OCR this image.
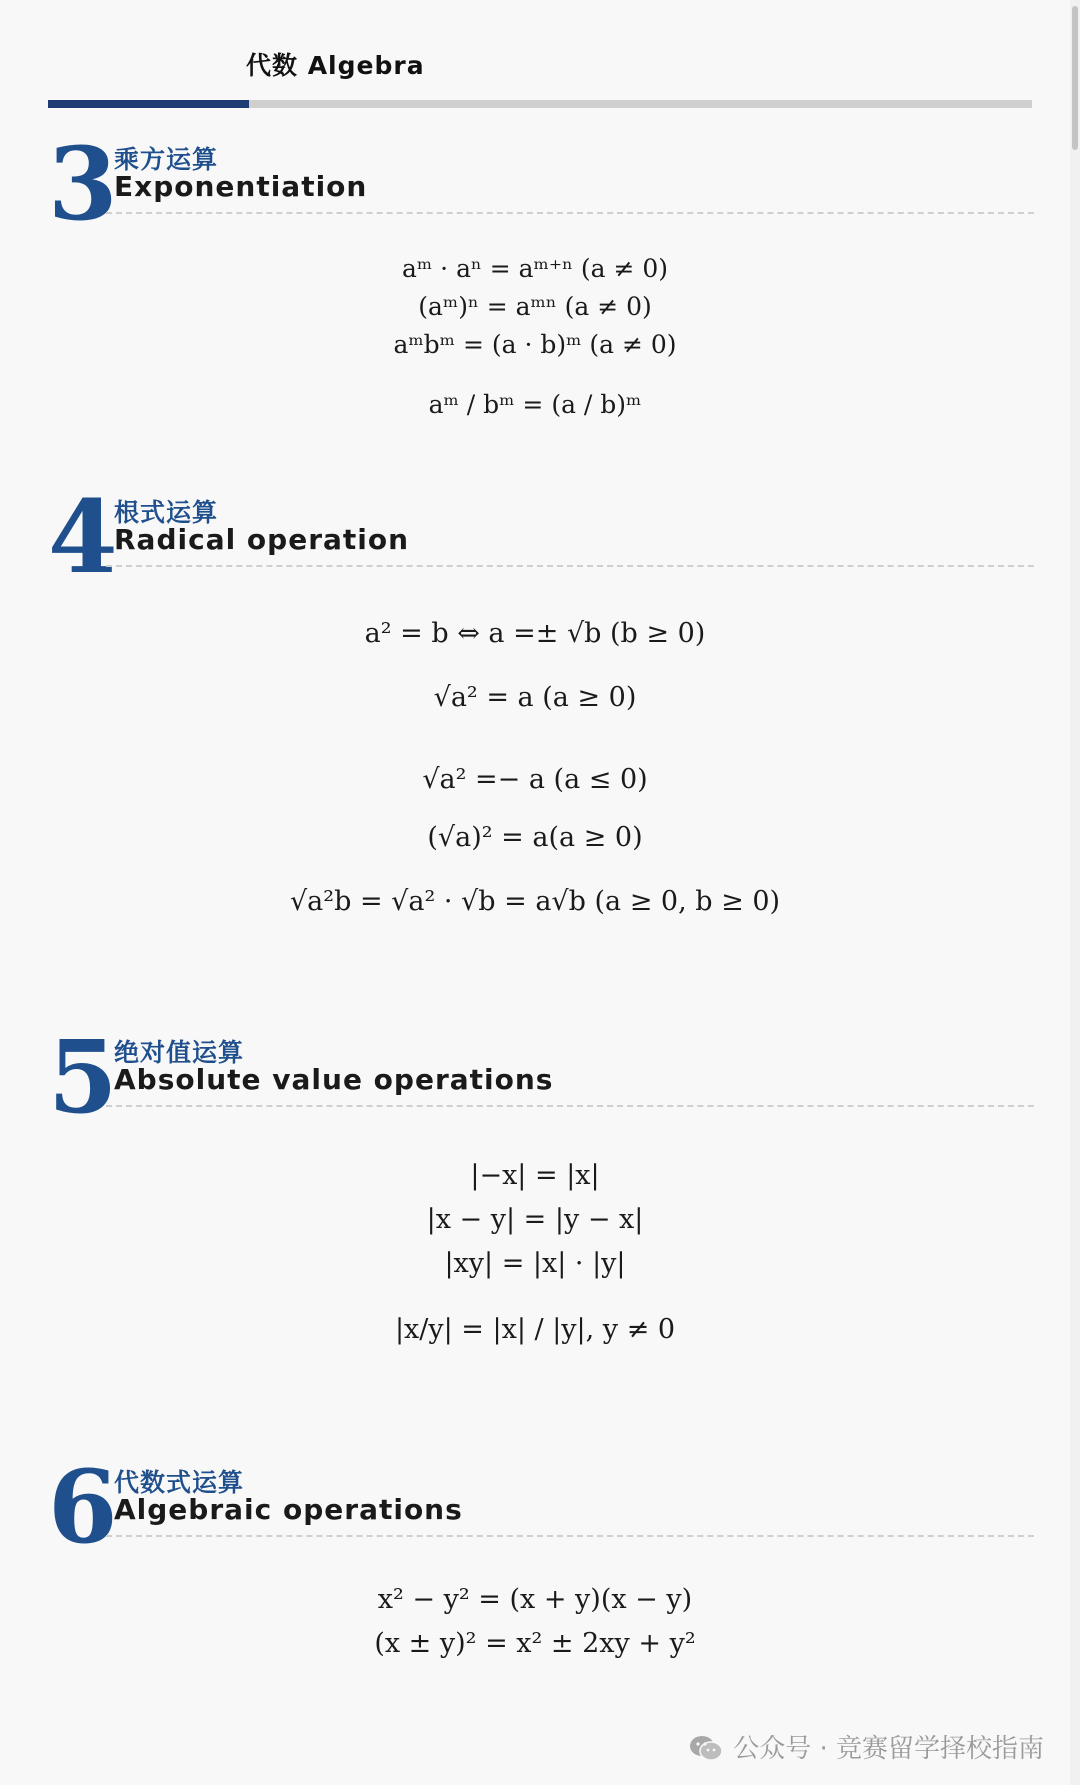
代数 Algebra
3
乘方运算
Exponentiation
aᵐ · aⁿ = aᵐ⁺ⁿ (a ≠ 0)
(aᵐ)ⁿ = aᵐⁿ (a ≠ 0)
aᵐbᵐ = (a · b)ᵐ (a ≠ 0)
aᵐ / bᵐ = (a / b)ᵐ
4
根式运算
Radical operation
a² = b ⇔ a =± √b (b ≥ 0)
√a² = a (a ≥ 0)
√a² =− a (a ≤ 0)
(√a)² = a(a ≥ 0)
√a²b = √a² · √b = a√b (a ≥ 0, b ≥ 0)
5
绝对值运算
Absolute value operations
|−x| = |x|
|x − y| = |y − x|
|xy| = |x| · |y|
|x/y| = |x| / |y|, y ≠ 0
6
代数式运算
Algebraic operations
x² − y² = (x + y)(x − y)
(x ± y)² = x² ± 2xy + y²
公众号 · 竞赛留学择校指南
